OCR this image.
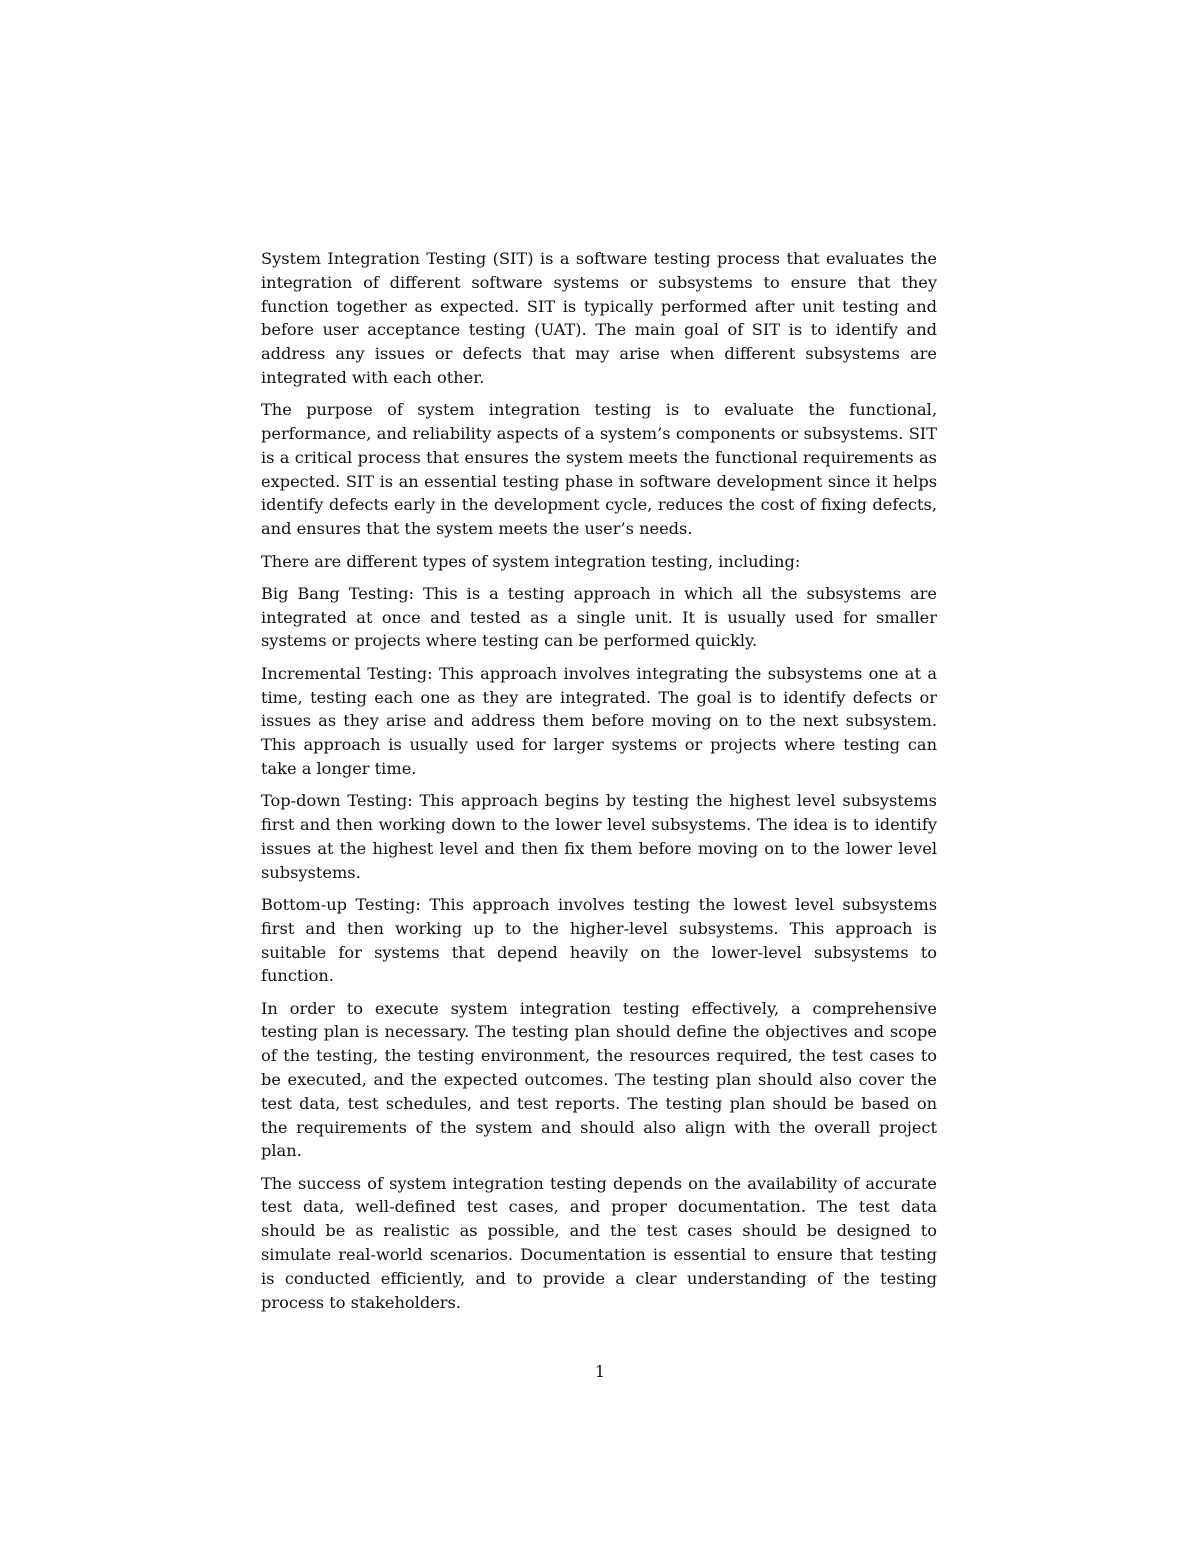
System Integration Testing (SIT) is a software testing process that evaluates the integration of different software systems or subsystems to ensure that they function together as expected. SIT is typically performed after unit testing and before user acceptance testing (UAT). The main goal of SIT is to identify and address any issues or defects that may arise when different subsystems are integrated with each other.

The purpose of system integration testing is to evaluate the functional, performance, and reliability aspects of a system’s components or subsystems. SIT is a critical process that ensures the system meets the functional requirements as expected. SIT is an essential testing phase in software development since it helps identify defects early in the development cycle, reduces the cost of fixing defects, and ensures that the system meets the user’s needs.

There are different types of system integration testing, including:

Big Bang Testing: This is a testing approach in which all the subsystems are integrated at once and tested as a single unit. It is usually used for smaller systems or projects where testing can be performed quickly.

Incremental Testing: This approach involves integrating the subsystems one at a time, testing each one as they are integrated. The goal is to identify defects or issues as they arise and address them before moving on to the next subsystem. This approach is usually used for larger systems or projects where testing can take a longer time.

Top-down Testing: This approach begins by testing the highest level subsystems first and then working down to the lower level subsystems. The idea is to identify issues at the highest level and then fix them before moving on to the lower level subsystems.

Bottom-up Testing: This approach involves testing the lowest level subsystems first and then working up to the higher-level subsystems. This approach is suitable for systems that depend heavily on the lower-level subsystems to function.

In order to execute system integration testing effectively, a comprehensive testing plan is necessary. The testing plan should define the objectives and scope of the testing, the testing environment, the resources required, the test cases to be executed, and the expected outcomes. The testing plan should also cover the test data, test schedules, and test reports. The testing plan should be based on the requirements of the system and should also align with the overall project plan.

The success of system integration testing depends on the availability of accurate test data, well-defined test cases, and proper documentation. The test data should be as realistic as possible, and the test cases should be designed to simulate real-world scenarios. Documentation is essential to ensure that testing is conducted efficiently, and to provide a clear understanding of the testing process to stakeholders.

1
